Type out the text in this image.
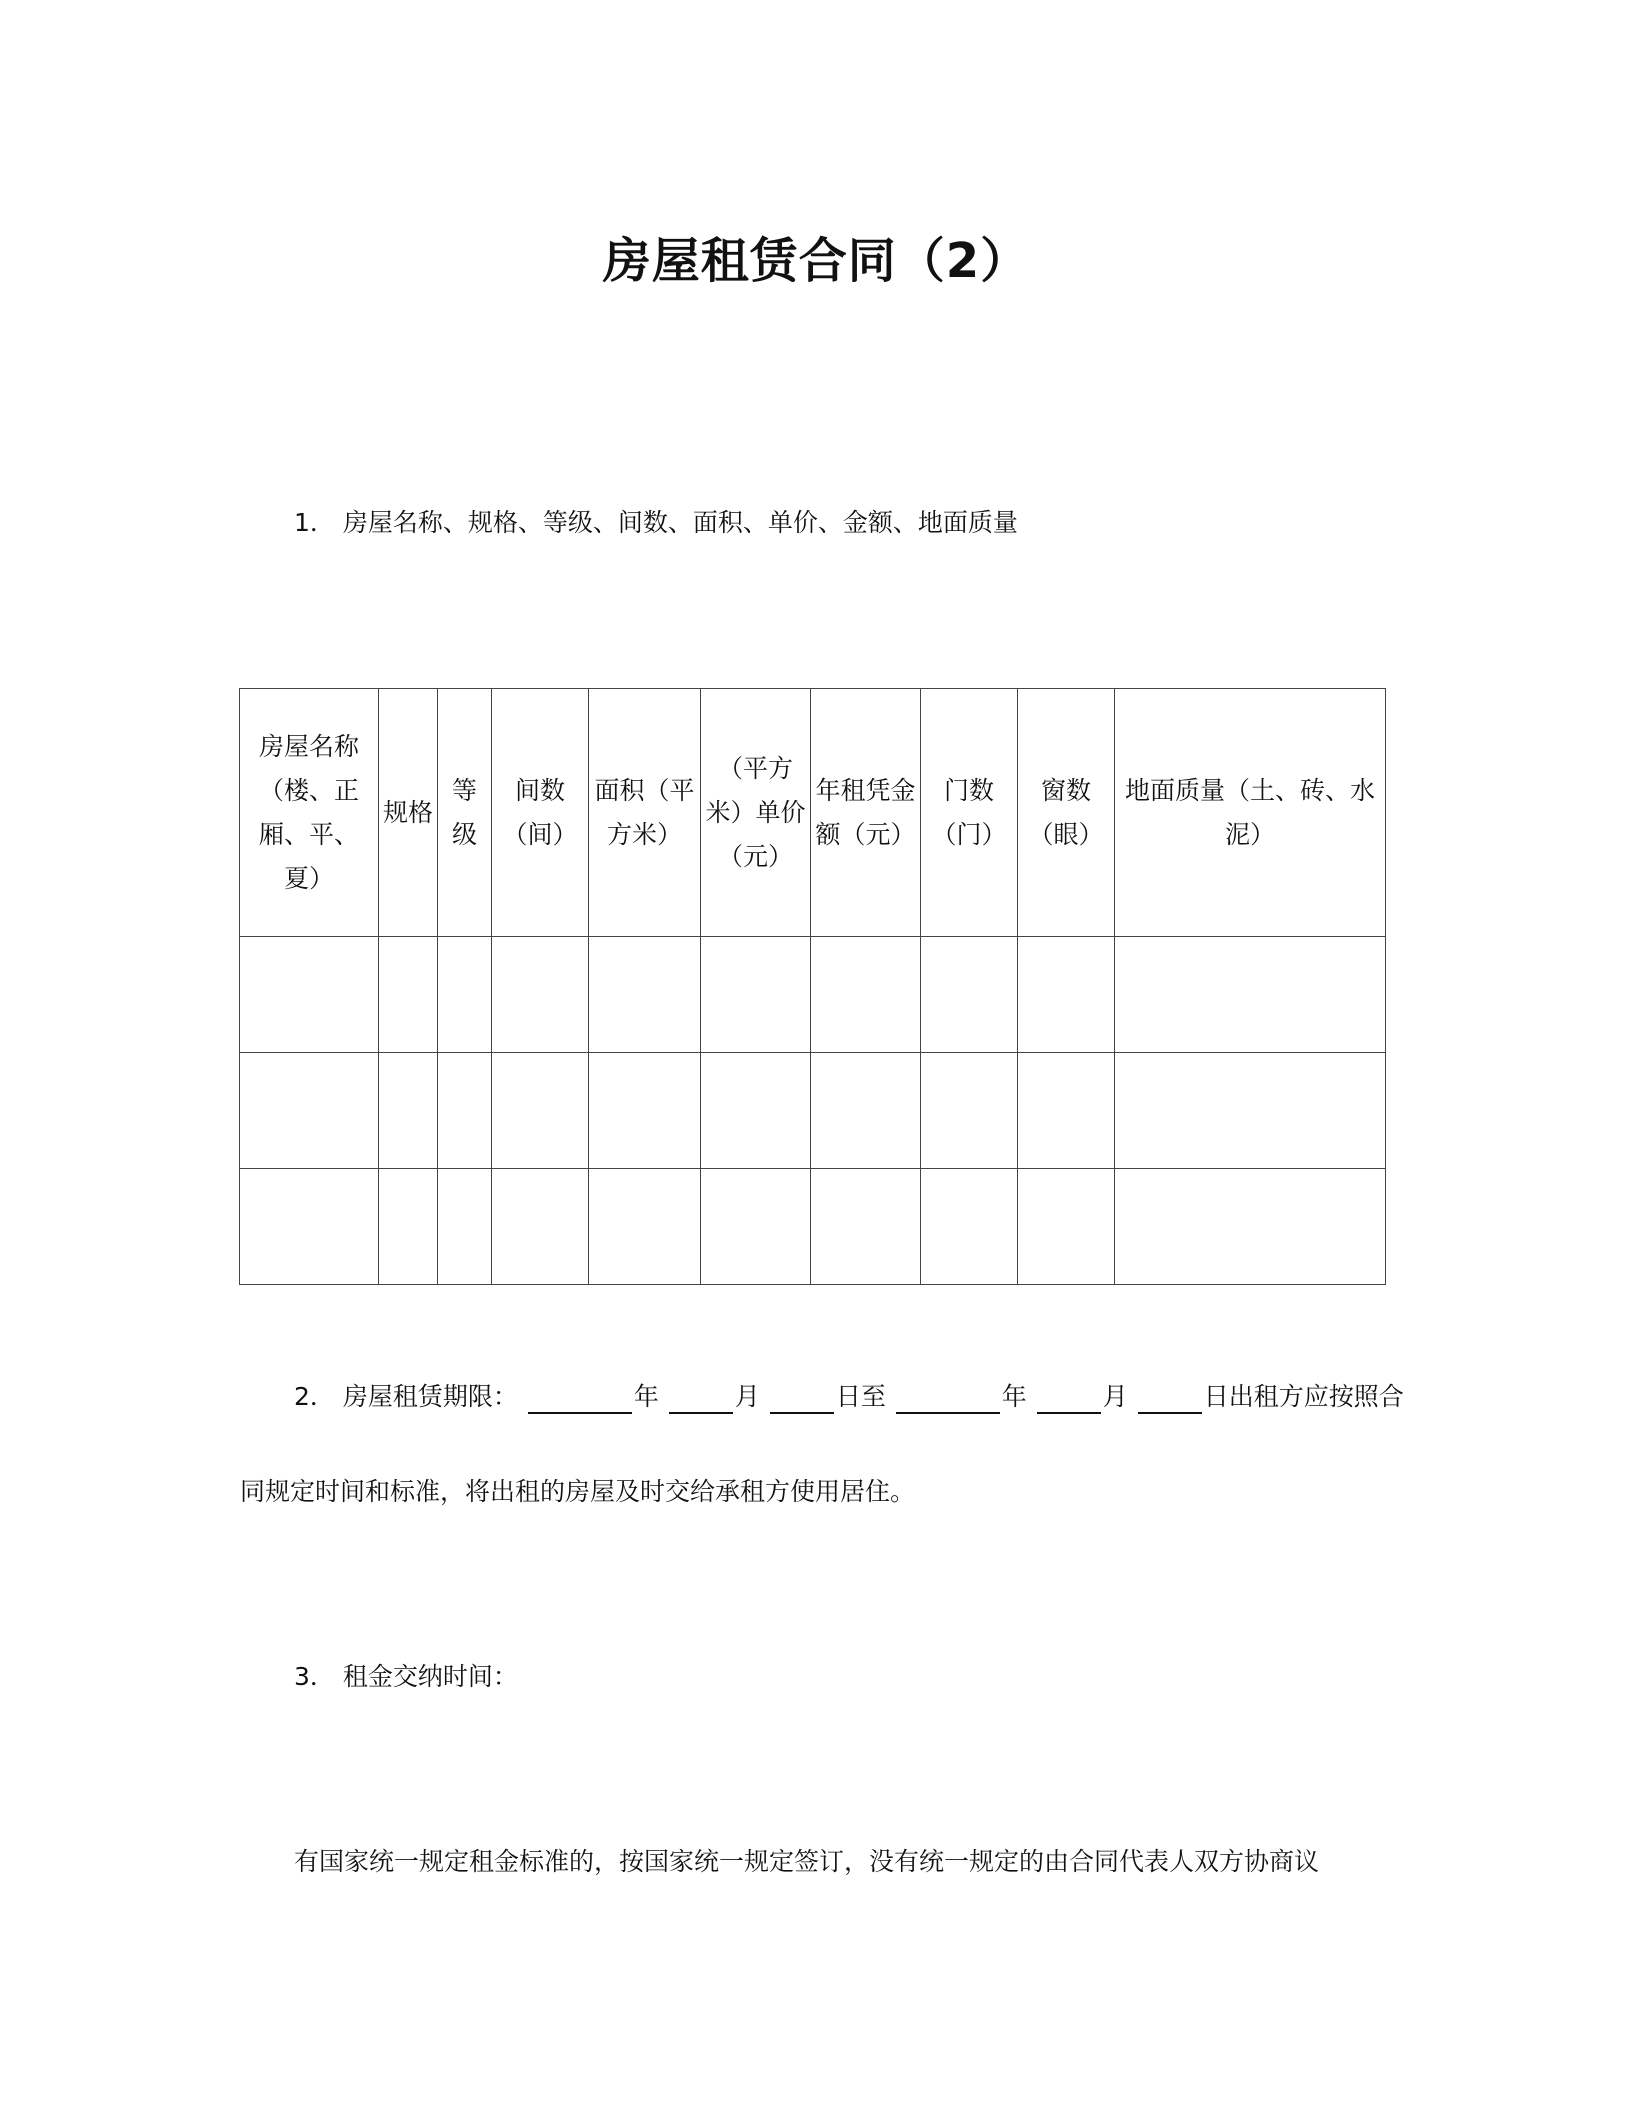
房屋租赁合同（2）
1． 房屋名称、规格、等级、间数、面积、单价、金额、地面质量
房屋名称（楼、正厢、平、夏）	规格	等级	间数（间）	面积（平方米）	（平方米）单价（元）	年租凭金额（元）	门数（门）	窗数（眼）	地面质量（土、砖、水泥）

2． 房屋租赁期限：	年	月	日至	年	月	日出租方应按照合
同规定时间和标准，将出租的房屋及时交给承租方使用居住。
3． 租金交纳时间：
有国家统一规定租金标准的，按国家统一规定签订，没有统一规定的由合同代表人双方协商议
